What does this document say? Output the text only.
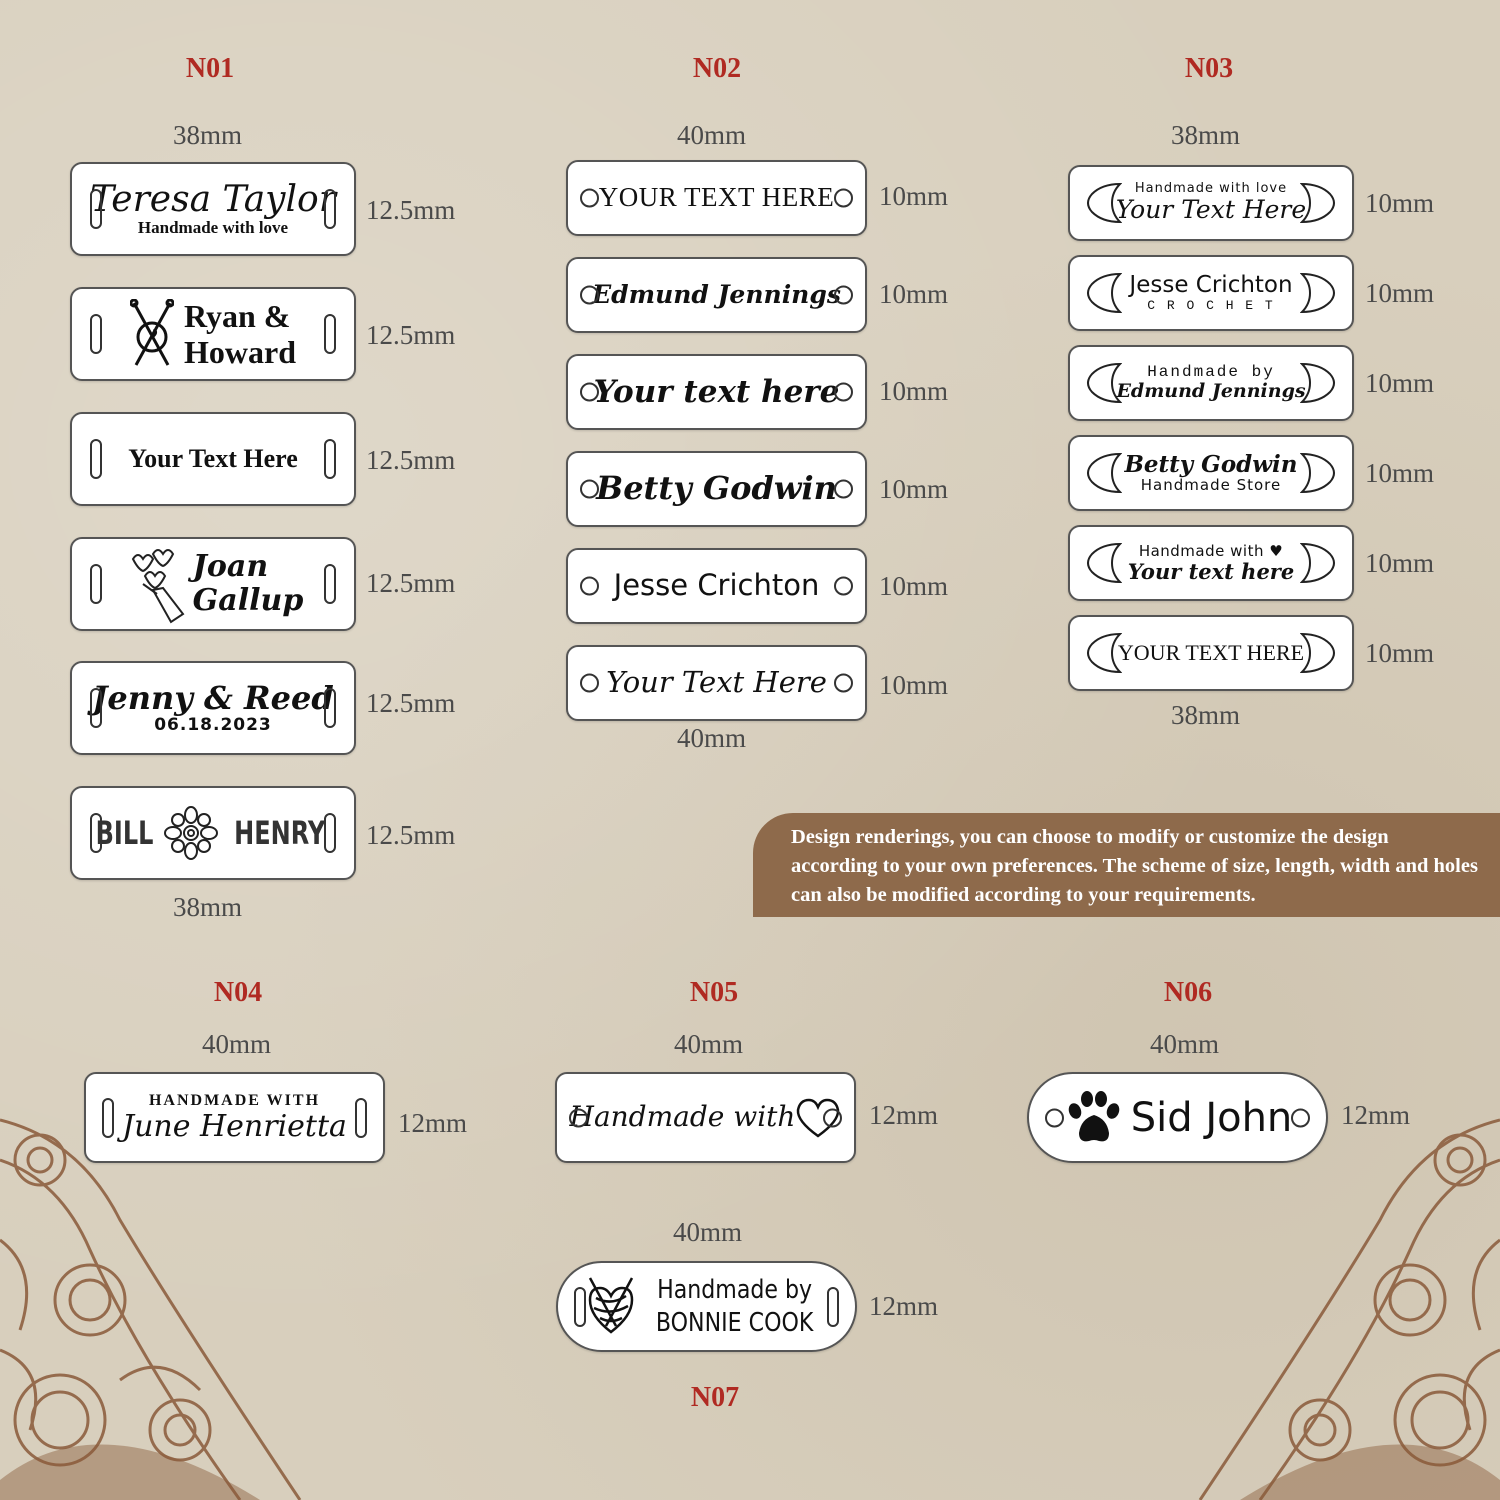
N01
38mm
38mm
Teresa Taylor
Handmade with love
12.5mm
Ryan &
Howard	12.5mm
Your Text Here	12.5mm
Joan
Gallup 12.5mm
Jenny & Reed
06.18.2023
12.5mm
BILL	HENRY 12.5mm
N02
40mm
40mm
YOUR TEXT HERE 10mm
Edmund Jennings 10mm
Your text here 10mm
Betty Godwin 10mm
Jesse Crichton 10mm
Your Text Here 10mm
N03
38mm
38mm
Handmade with love
Your Text Here 10mm
Jesse Crichton
C R O C H E T	10mm
Handmade by
Edmund Jennings 10mm
Betty Godwin
Handmade Store	10mm
Handmade with ♥
Your text here	10mm
YOUR TEXT HERE 10mm
Design renderings, you can choose to modify or customize the design according to your own preferences. The scheme of size, length, width and holes can also be modified according to your requirements.
N04
40mm
HANDMADE WITH
June Henrietta 12mm
N05
40mm
Handmade with	12mm
N06
40mm
Sid John 12mm
40mm
Handmade by
BONNIE COOK
12mm
N07
